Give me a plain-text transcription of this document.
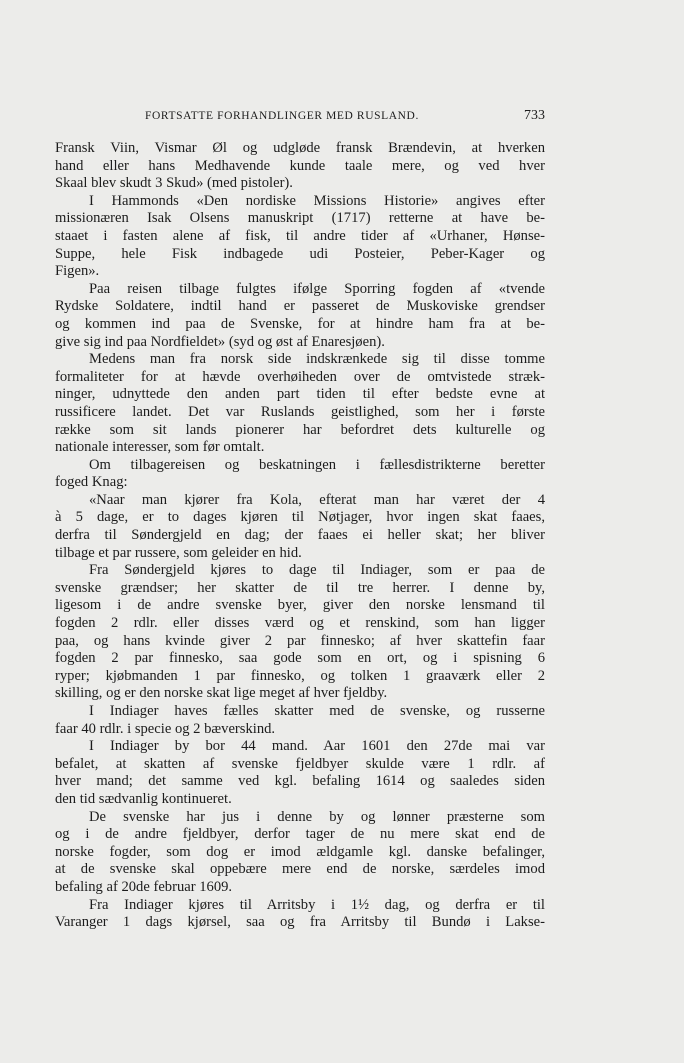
FORTSATTE FORHANDLINGER MED RUSLAND.	733
Fransk Viin, Vismar Øl og udgløde fransk Brændevin, at hverken
hand eller hans Medhavende kunde taale mere, og ved hver
Skaal blev skudt 3 Skud» (med pistoler).
I Hammonds «Den nordiske Missions Historie» angives efter
missionæren Isak Olsens manuskript (1717) retterne at have be-
staaet i fasten alene af fisk, til andre tider af «Urhaner, Hønse-
Suppe, hele Fisk indbagede udi Posteier, Peber-Kager og
Figen».
Paa reisen tilbage fulgtes ifølge Sporring fogden af «tvende
Rydske Soldatere, indtil hand er passeret de Muskoviske grendser
og kommen ind paa de Svenske, for at hindre ham fra at be-
give sig ind paa Nordfieldet» (syd og øst af Enaresjøen).
Medens man fra norsk side indskrænkede sig til disse tomme
formaliteter for at hævde overhøiheden over de omtvistede stræk-
ninger, udnyttede den anden part tiden til efter bedste evne at
russificere landet. Det var Ruslands geistlighed, som her i første
række som sit lands pionerer har befordret dets kulturelle og
nationale interesser, som før omtalt.
Om tilbagereisen og beskatningen i fællesdistrikterne beretter
foged Knag:
«Naar man kjører fra Kola, efterat man har været der 4
à 5 dage, er to dages kjøren til Nøtjager, hvor ingen skat faaes,
derfra til Søndergjeld en dag; der faaes ei heller skat; her bliver
tilbage et par russere, som geleider en hid.
Fra Søndergjeld kjøres to dage til Indiager, som er paa de
svenske grændser; her skatter de til tre herrer. I denne by,
ligesom i de andre svenske byer, giver den norske lensmand til
fogden 2 rdlr. eller disses værd og et renskind, som han ligger
paa, og hans kvinde giver 2 par finnesko; af hver skattefin faar
fogden 2 par finnesko, saa gode som en ort, og i spisning 6
ryper; kjøbmanden 1 par finnesko, og tolken 1 graaværk eller 2
skilling, og er den norske skat lige meget af hver fjeldby.
I Indiager haves fælles skatter med de svenske, og russerne
faar 40 rdlr. i specie og 2 bæverskind.
I Indiager by bor 44 mand. Aar 1601 den 27de mai var
befalet, at skatten af svenske fjeldbyer skulde være 1 rdlr. af
hver mand; det samme ved kgl. befaling 1614 og saaledes siden
den tid sædvanlig kontinueret.
De svenske har jus i denne by og lønner præsterne som
og i de andre fjeldbyer, derfor tager de nu mere skat end de
norske fogder, som dog er imod ældgamle kgl. danske befalinger,
at de svenske skal oppebære mere end de norske, særdeles imod
befaling af 20de februar 1609.
Fra Indiager kjøres til Arritsby i 1½ dag, og derfra er til
Varanger 1 dags kjørsel, saa og fra Arritsby til Bundø i Lakse-
